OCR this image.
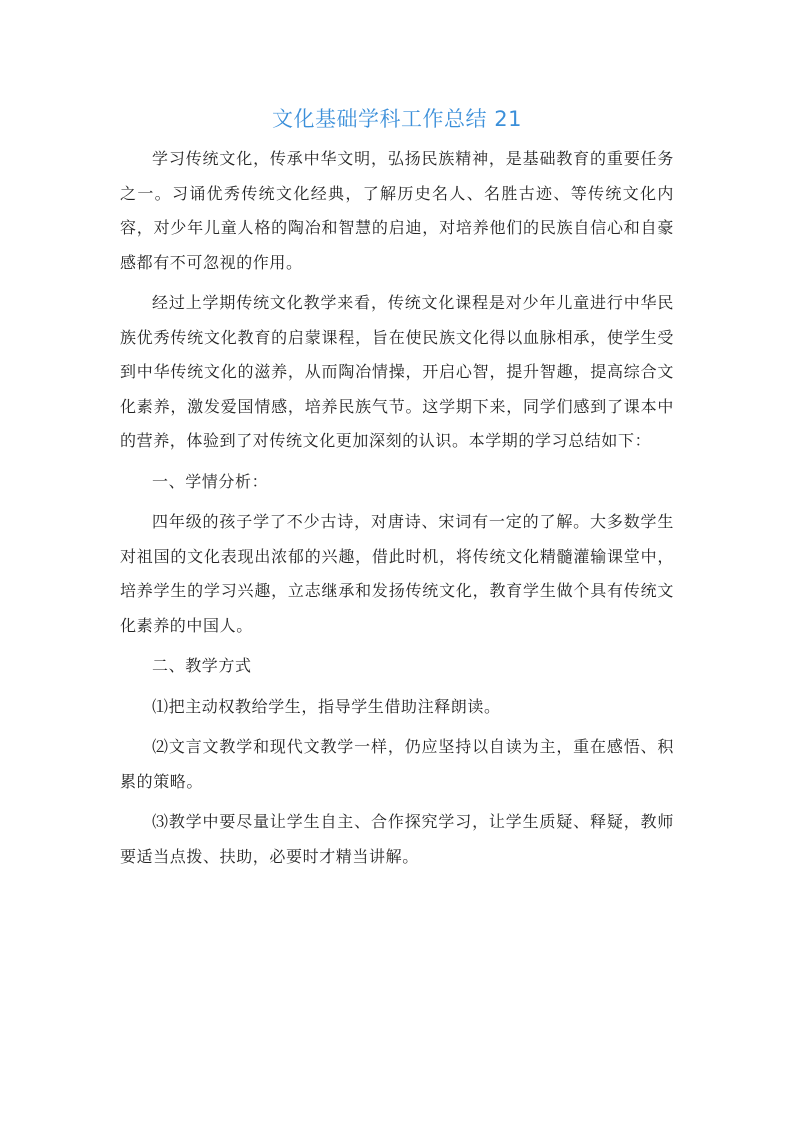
文化基础学科工作总结 21

学习传统文化，传承中华文明，弘扬民族精神，是基础教育的重要任务之一。习诵优秀传统文化经典，了解历史名人、名胜古迹、等传统文化内容，对少年儿童人格的陶冶和智慧的启迪，对培养他们的民族自信心和自豪感都有不可忽视的作用。

经过上学期传统文化教学来看，传统文化课程是对少年儿童进行中华民族优秀传统文化教育的启蒙课程，旨在使民族文化得以血脉相承，使学生受到中华传统文化的滋养，从而陶冶情操，开启心智，提升智趣，提高综合文化素养，激发爱国情感，培养民族气节。这学期下来，同学们感到了课本中的营养，体验到了对传统文化更加深刻的认识。本学期的学习总结如下：

一、学情分析：

四年级的孩子学了不少古诗，对唐诗、宋词有一定的了解。大多数学生对祖国的文化表现出浓郁的兴趣，借此时机，将传统文化精髓灌输课堂中，培养学生的学习兴趣，立志继承和发扬传统文化，教育学生做个具有传统文化素养的中国人。

二、教学方式

⑴把主动权教给学生，指导学生借助注释朗读。

⑵文言文教学和现代文教学一样，仍应坚持以自读为主，重在感悟、积累的策略。

⑶教学中要尽量让学生自主、合作探究学习，让学生质疑、释疑，教师要适当点拨、扶助，必要时才精当讲解。
